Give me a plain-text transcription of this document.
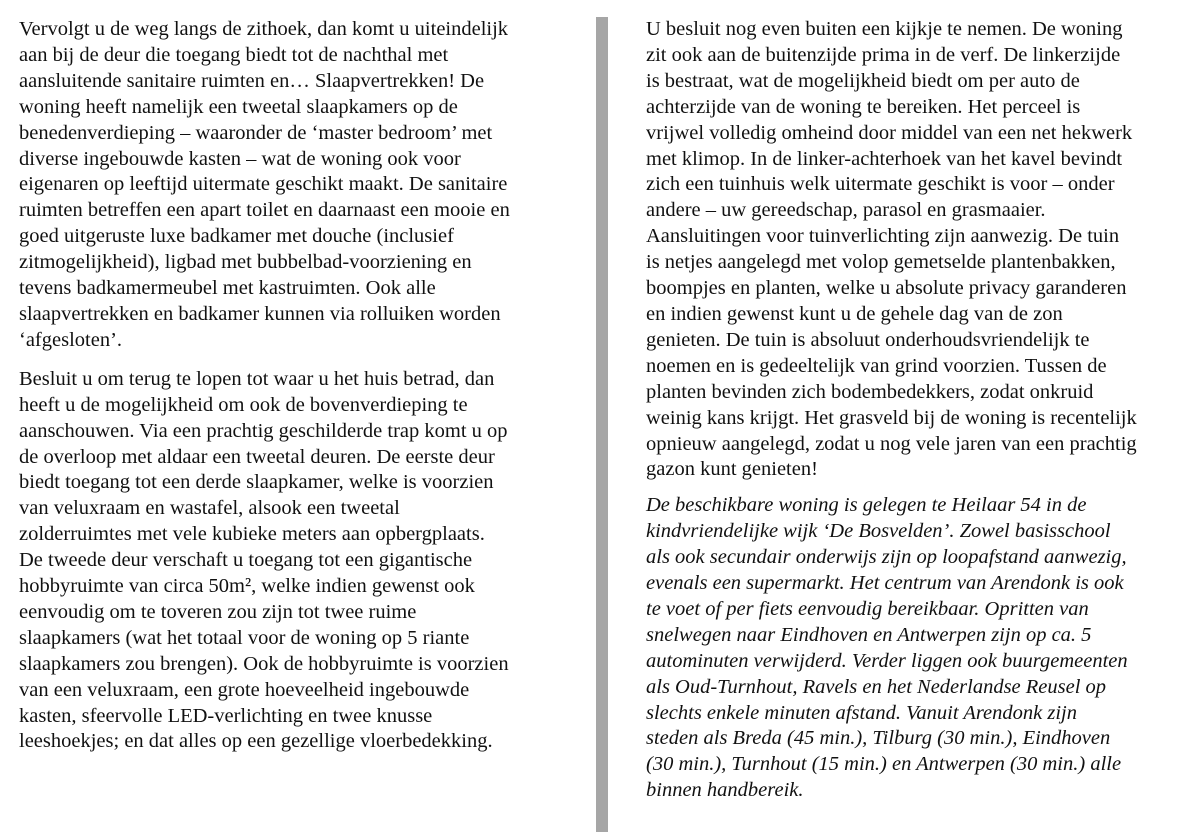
Vervolgt u de weg langs de zithoek, dan komt u uiteindelijk
aan bij de deur die toegang biedt tot de nachthal met
aansluitende sanitaire ruimten en… Slaapvertrekken! De
woning heeft namelijk een tweetal slaapkamers op de
benedenverdieping – waaronder de ‘master bedroom’ met
diverse ingebouwde kasten – wat de woning ook voor
eigenaren op leeftijd uitermate geschikt maakt. De sanitaire
ruimten betreffen een apart toilet en daarnaast een mooie en
goed uitgeruste luxe badkamer met douche (inclusief
zitmogelijkheid), ligbad met bubbelbad-voorziening en
tevens badkamermeubel met kastruimten. Ook alle
slaapvertrekken en badkamer kunnen via rolluiken worden
‘afgesloten’.

Besluit u om terug te lopen tot waar u het huis betrad, dan
heeft u de mogelijkheid om ook de bovenverdieping te
aanschouwen. Via een prachtig geschilderde trap komt u op
de overloop met aldaar een tweetal deuren. De eerste deur
biedt toegang tot een derde slaapkamer, welke is voorzien
van veluxraam en wastafel, alsook een tweetal
zolderruimtes met vele kubieke meters aan opbergplaats.
De tweede deur verschaft u toegang tot een gigantische
hobbyruimte van circa 50m², welke indien gewenst ook
eenvoudig om te toveren zou zijn tot twee ruime
slaapkamers (wat het totaal voor de woning op 5 riante
slaapkamers zou brengen). Ook de hobbyruimte is voorzien
van een veluxraam, een grote hoeveelheid ingebouwde
kasten, sfeervolle LED-verlichting en twee knusse
leeshoekjes; en dat alles op een gezellige vloerbedekking.

U besluit nog even buiten een kijkje te nemen. De woning
zit ook aan de buitenzijde prima in de verf. De linkerzijde
is bestraat, wat de mogelijkheid biedt om per auto de
achterzijde van de woning te bereiken. Het perceel is
vrijwel volledig omheind door middel van een net hekwerk
met klimop. In de linker-achterhoek van het kavel bevindt
zich een tuinhuis welk uitermate geschikt is voor – onder
andere – uw gereedschap, parasol en grasmaaier.
Aansluitingen voor tuinverlichting zijn aanwezig. De tuin
is netjes aangelegd met volop gemetselde plantenbakken,
boompjes en planten, welke u absolute privacy garanderen
en indien gewenst kunt u de gehele dag van de zon
genieten. De tuin is absoluut onderhoudsvriendelijk te
noemen en is gedeeltelijk van grind voorzien. Tussen de
planten bevinden zich bodembedekkers, zodat onkruid
weinig kans krijgt. Het grasveld bij de woning is recentelijk
opnieuw aangelegd, zodat u nog vele jaren van een prachtig
gazon kunt genieten!

De beschikbare woning is gelegen te Heilaar 54 in de
kindvriendelijke wijk ‘De Bosvelden’. Zowel basisschool
als ook secundair onderwijs zijn op loopafstand aanwezig,
evenals een supermarkt. Het centrum van Arendonk is ook
te voet of per fiets eenvoudig bereikbaar. Opritten van
snelwegen naar Eindhoven en Antwerpen zijn op ca. 5
autominuten verwijderd. Verder liggen ook buurgemeenten
als Oud-Turnhout, Ravels en het Nederlandse Reusel op
slechts enkele minuten afstand. Vanuit Arendonk zijn
steden als Breda (45 min.), Tilburg (30 min.), Eindhoven
(30 min.), Turnhout (15 min.) en Antwerpen (30 min.) alle
binnen handbereik.
